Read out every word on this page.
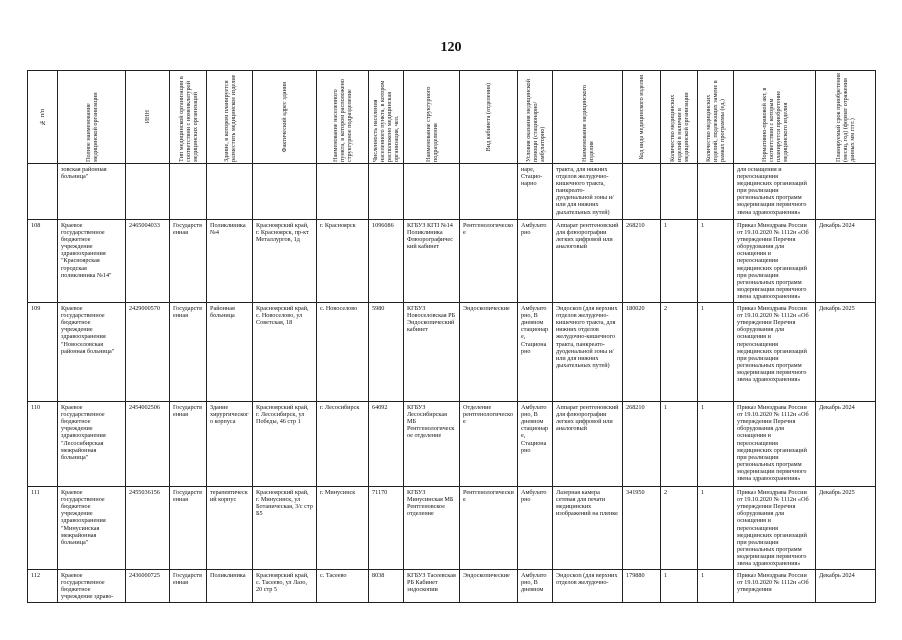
120
№ п/п	Полное наименование медицинской организации	ИНН	Тип медицинской организации в соответствии с номенклатурой медицинских организаций	Здание, в котором планируется разместить медицинское изделие	Фактический адрес здания	Наименование населенного пункта, в котором расположено структурное подразделение	Численность населения населенного пункта, в котором расположено медицинская организация, чел.	Наименование структурного подразделения	Вид кабинета (отделения)	Условия оказания медицинской помощи (стационарно/амбулаторно)	Наименование медицинского изделия	Код вида медицинского изделия	Количество медицинских изделий в наличии в медицинской организации	Количество медицинских изделий, подлежащих замене в рамках программы (ед.)	Нормативно-правовой акт, в соответствии с которым планируется приобретение медицинского изделия	Планируемый срок приобретения (месяц, год) (формат отражения данных мм гггг.)

	зовская районная больница"									наре, Стацио-нарно	тракта, для нижних отделов желудочно-кишечного тракта, панкреато-дуоденальной зоны и/или для нижних дыхательных путей)				для оснащения и переоснащения медицинских организаций при реализации региональных программ модернизации первичного звена здравоохранения»	
108	Краевое государственное бюджетное учреждение здравоохранения "Красноярская городская поликлиника №14"	2465004033	Государственная	Поликлиника №4	Красноярский край, г. Красноярск, пр-кт Металлургов, 1д	г. Красноярск	1096086	КГБУЗ КГП №14 Поликлиника Флюорографический кабинет	Рентгенологическое	Амбулаторно	Аппарат рентгеновский для флюорографии легких цифровой или аналоговый	268210	1	1	Приказ Минздрава России от 19.10.2020 № 1112н «Об утверждении Перечня оборудования для оснащения и переоснащения медицинских организаций при реализации региональных программ модернизации первичного звена здравоохранения»	Декабрь 2024
109	Краевое государственное бюджетное учреждение здравоохранения "Новоселовская районная больница"	2429000570	Государственная	Районная больница	Красноярский край, с. Новоселово, ул Советская, 18	с. Новоселово	5980	КГБУЗ Новоселовская РБ Эндоскопический кабинет	Эндоскопические	Амбулаторно, В дневном стационаре, Стационарно	Эндоскоп (для верхних отделов желудочно-кишечного тракта, для нижних отделов желудочно-кишечного тракта, панкреато-дуоденальной зоны и/или для нижних дыхательных путей)	180020	2	1	Приказ Минздрава России от 19.10.2020 № 1112н «Об утверждении Перечня оборудования для оснащения и переоснащения медицинских организаций при реализации региональных программ модернизации первичного звена здравоохранения»	Декабрь 2025
110	Краевое государственное бюджетное учреждение здравоохранения "Лесосибирская межрайонная больница"	2454002506	Государственная	Здание хирургического корпуса	Красноярский край, г. Лесосибирск, ул Победы, 46 стр 1	г. Лесосибирск	64092	КГБУЗ Лесосибирская МБ Рентгенологическое отделение	Отделение рентгенологическое	Амбулаторно, В дневном стационаре, Стационарно	Аппарат рентгеновский для флюорографии легких цифровой или аналоговый	268210	1	1	Приказ Минздрава России от 19.10.2020 № 1112н «Об утверждении Перечня оборудования для оснащения и переоснащения медицинских организаций при реализации региональных программ модернизации первичного звена здравоохранения»	Декабрь 2024
111	Краевое государственное бюджетное учреждение здравоохранения "Минусинская межрайонная больница"	2455036156	Государственная	терапевтический корпус	Красноярский край, г. Минусинск, ул Ботаническая, 3/с стр Б5	г. Минусинск	71170	КГБУЗ Минусинская МБ Рентгеновское отделение	Рентгенологические	Амбулаторно	Лазерная камера сетевая для печати медицинских изображений на пленке	341950	2	1	Приказ Минздрава России от 19.10.2020 № 1112н «Об утверждении Перечня оборудования для оснащения и переоснащения медицинских организаций при реализации региональных программ модернизации первичного звена здравоохранения»	Декабрь 2025
112	Краевое государственное бюджетное учреждение здраво-	2436000725	Государственная	Поликлиника	Красноярский край, с. Тасеево, ул Лазо, 20 стр 5	с. Тасеево	8038	КГБУЗ Тасеевская РБ Кабинет эндоскопии	Эндоскопические	Амбулаторно, В дневном	Эндоскоп (для верхних отделов желудочно-	179880	1	1	Приказ Минздрава России от 19.10.2020 № 1112н «Об утверждении	Декабрь 2024
